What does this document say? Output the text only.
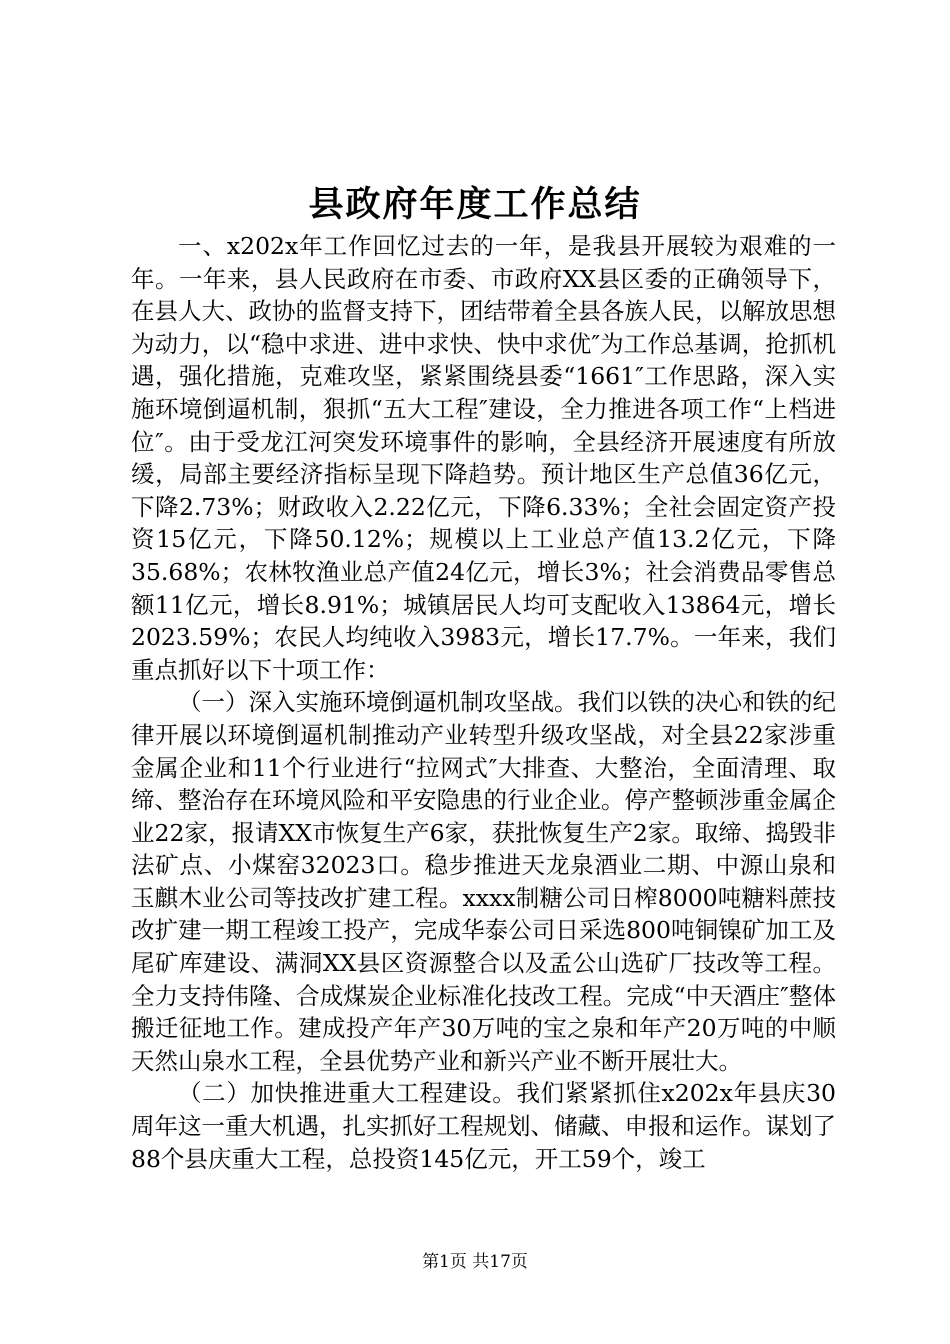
县政府年度工作总结

一、x202x年工作回忆过去的一年，是我县开展较为艰难的一年。一年来，县人民政府在市委、市政府XX县区委的正确领导下，在县人大、政协的监督支持下，团结带着全县各族人民，以解放思想为动力，以“稳中求进、进中求快、快中求优″为工作总基调，抢抓机遇，强化措施，克难攻坚，紧紧围绕县委“1661″工作思路，深入实施环境倒逼机制，狠抓“五大工程″建设，全力推进各项工作“上档进位″。由于受龙江河突发环境事件的影响，全县经济开展速度有所放缓，局部主要经济指标呈现下降趋势。预计地区生产总值36亿元，下降2.73%；财政收入2.22亿元，下降6.33%；全社会固定资产投资15亿元，下降50.12%；规模以上工业总产值13.2亿元，下降35.68%；农林牧渔业总产值24亿元，增长3%；社会消费品零售总额11亿元，增长8.91%；城镇居民人均可支配收入13864元，增长2023.59%；农民人均纯收入3983元，增长17.7%。一年来，我们重点抓好以下十项工作：

（一）深入实施环境倒逼机制攻坚战。我们以铁的决心和铁的纪律开展以环境倒逼机制推动产业转型升级攻坚战，对全县22家涉重金属企业和11个行业进行“拉网式″大排查、大整治，全面清理、取缔、整治存在环境风险和平安隐患的行业企业。停产整顿涉重金属企业22家，报请XX市恢复生产6家，获批恢复生产2家。取缔、捣毁非法矿点、小煤窑32023口。稳步推进天龙泉酒业二期、中源山泉和玉麒木业公司等技改扩建工程。xxxx制糖公司日榨8000吨糖料蔗技改扩建一期工程竣工投产，完成华泰公司日采选800吨铜镍矿加工及尾矿库建设、满洞XX县区资源整合以及孟公山选矿厂技改等工程。全力支持伟隆、合成煤炭企业标准化技改工程。完成“中天酒庄″整体搬迁征地工作。建成投产年产30万吨的宝之泉和年产20万吨的中顺天然山泉水工程，全县优势产业和新兴产业不断开展壮大。

（二）加快推进重大工程建设。我们紧紧抓住x202x年县庆30周年这一重大机遇，扎实抓好工程规划、储藏、申报和运作。谋划了88个县庆重大工程，总投资145亿元，开工59个，竣工

第1页 共17页
